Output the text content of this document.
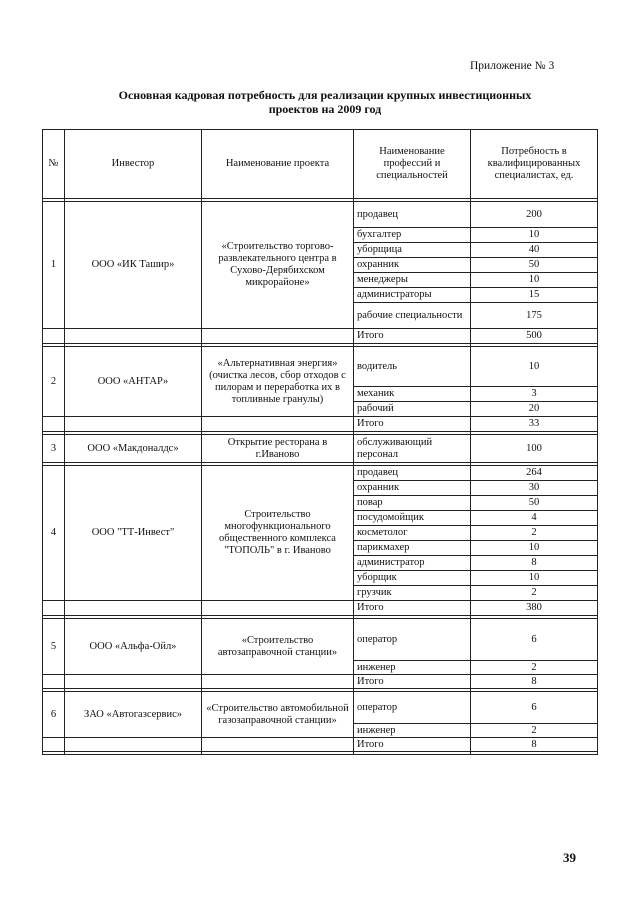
Приложение № 3
Основная кадровая потребность для реализации крупных инвестиционных
проектов на 2009 год
№	Инвестор	Наименование проекта	Наименование профессий и специальностей	Потребность в квалифицированных специалистах, ед.

1	ООО «ИК Ташир»	«Строительство торгово-развлекательного центра в Сухово-Дерябихском микрорайоне»	продавец	200
			бухгалтер	10
			уборщица	40
			охранник	50
			менеджеры	10
			администраторы	15
			рабочие специальности	175
			Итого	500

2	ООО «АНТАР»	«Альтернативная энергия» (очистка лесов, сбор отходов с пилорам и переработка их в топливные гранулы)	водитель	10
			механик	3
			рабочий	20
			Итого	33

3	ООО «Макдоналдс»	Открытие ресторана в г.Иваново	обслуживающий персонал	100

4	ООО "ТТ-Инвест"	Строительство многофункционального общественного комплекса "ТОПОЛЬ" в г. Иваново	продавец	264
			охранник	30
			повар	50
			посудомойщик	4
			косметолог	2
			парикмахер	10
			администратор	8
			уборщик	10
			грузчик	2
			Итого	380

5	ООО «Альфа-Ойл»	«Строительство автозаправочной станции»	оператор	6
			инженер	2
			Итого	8

6	ЗАО «Автогазсервис»	«Строительство автомобильной газозаправочной станции»	оператор	6
			инженер	2
			Итого	8

39
